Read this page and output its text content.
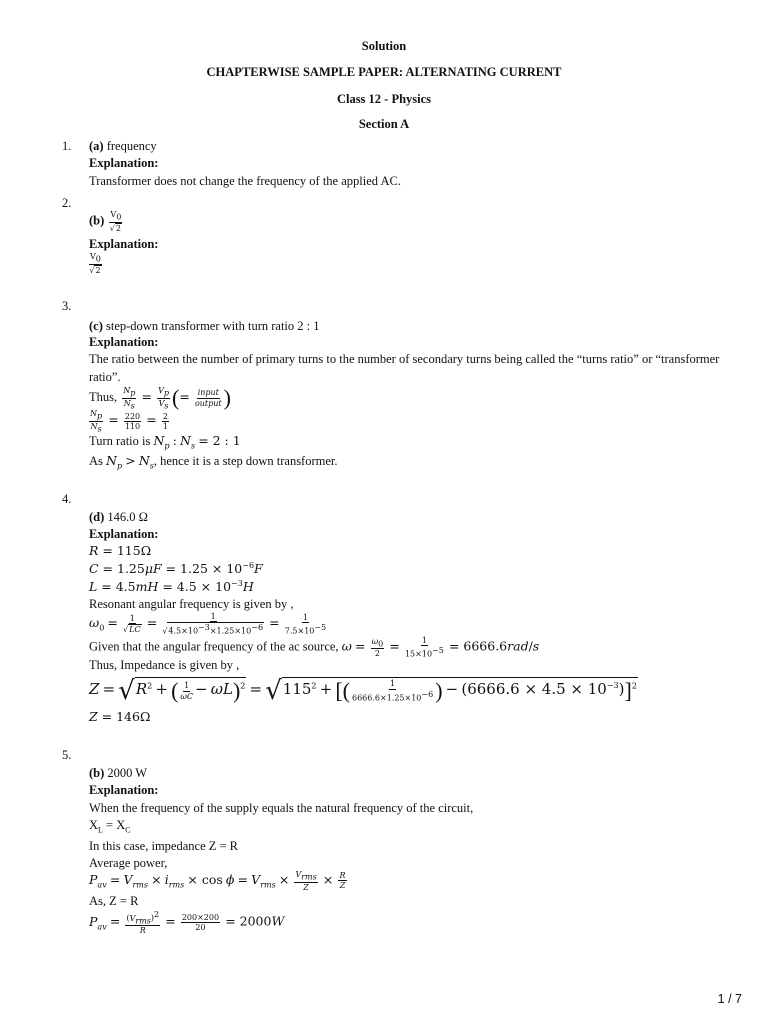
Solution
CHAPTERWISE SAMPLE PAPER: ALTERNATING CURRENT
Class 12 - Physics
Section A
1. (a) frequency
Explanation:
Transformer does not change the frequency of the applied AC.
2.
$(b) \frac{V_0}{√2}$
Explanation:
$\frac{V_0}{√2}$
3.
(c) step-down transformer with turn ratio 2 : 1
Explanation:
The ratio between the number of primary turns to the number of secondary turns being called the “turns ratio” or “transformer
ratio”.
Thus, $\frac{N_p}{N_s} = \frac{V_p}{V_s}$ (= $\frac{\text{input}}{\text{output}}$ )
$\frac{N_p}{N_s} = \frac{220}{110} = \frac{2}{1}$
Turn ratio is $N_p$ : $N_s = 2$ : 1
As $N_p > N_s$, hence it is a step down transformer.
4.
(d) 146.0 Ω
Explanation:
R = 115Ω
$C = 1.25\mu F = 1.25 \times 10^{-6}F$
$L = 4.5mH = 4.5 \times 10^{-3}H$
Resonant angular frequency is given by ,
$\omega_0 = \frac{1}{√LC} = \frac{1}{√4.5\times 10^{-3}\times 1.25\times 10^{-6}} = \frac{1}{7.5\times 10^{-5}}$
Given that the angular frequency of the ac source, $\omega = \frac{\omega_0}{2} = \frac{1}{15\times 10^{-5}} = 6666.6rad/s$
Thus, Impedance is given by ,
$Z = √R^2$ + ( $\frac{1}{\omega C} - \omega L)^2 = √115^2$ + [( $\frac{1}{6666.6\times 1.25\times 10^{-6}}$ ) − $(6666.6 \times 4.5 \times 10^{-3})]^2$
Z = 146Ω
5.
(b) 2000 W
Explanation:
When the frequency of the supply equals the natural frequency of the circuit,
$X_L = X_C$
In this case, impedance Z = R
Average power,
$P_{av} = V_{rms} \times i_{rms} \times \cos \phi = V_{rms} \times \frac{V_{rms}}{Z} \times \frac{R}{Z}$
As, Z = R
$P_{av} = \frac{(V_{rms})^2}{R} = \frac{200\times 200}{20} = 2000W$
1 / 7
